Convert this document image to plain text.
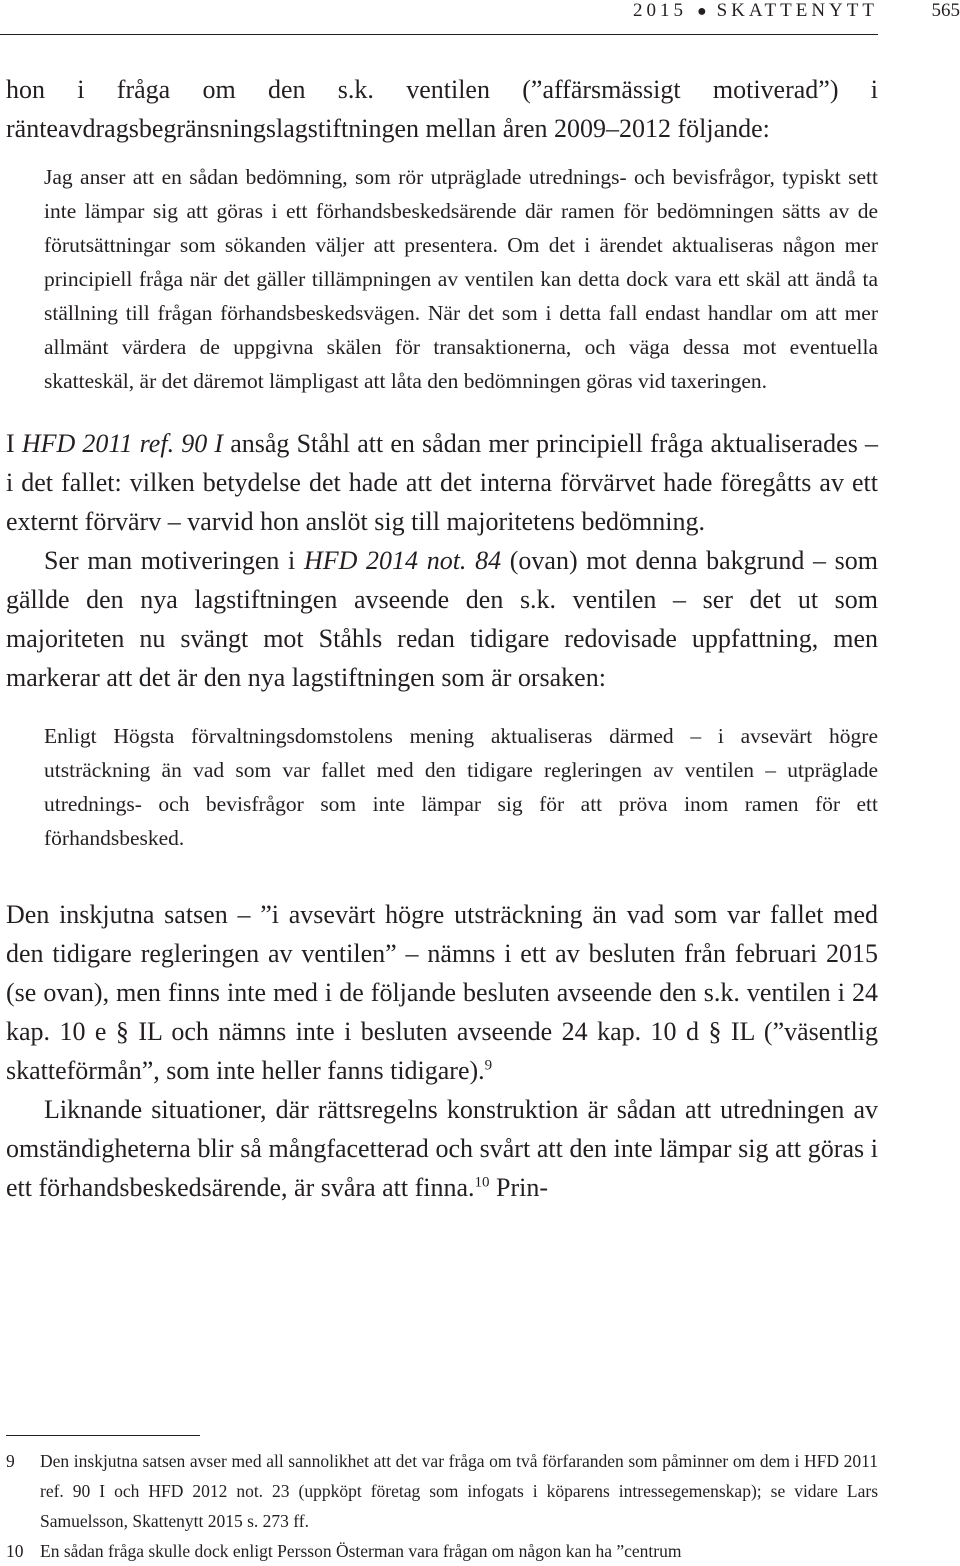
2015 ● SKATTENYTT	565

hon i fråga om den s.k. ventilen (”affärsmässigt motiverad”) i ränteavdragsbegränsningslagstiftningen mellan åren 2009–2012 följande:

Jag anser att en sådan bedömning, som rör utpräglade utrednings- och bevisfrågor, typiskt sett inte lämpar sig att göras i ett förhandsbeskedsärende där ramen för bedömningen sätts av de förutsättningar som sökanden väljer att presentera. Om det i ärendet aktualiseras någon mer principiell fråga när det gäller tillämpningen av ventilen kan detta dock vara ett skäl att ändå ta ställning till frågan förhandsbeskedsvägen. När det som i detta fall endast handlar om att mer allmänt värdera de uppgivna skälen för transaktionerna, och väga dessa mot eventuella skatteskäl, är det däremot lämpligast att låta den bedömningen göras vid taxeringen.

I HFD 2011 ref. 90 I ansåg Ståhl att en sådan mer principiell fråga aktualiserades – i det fallet: vilken betydelse det hade att det interna förvärvet hade föregåtts av ett externt förvärv – varvid hon anslöt sig till majoritetens bedömning.

Ser man motiveringen i HFD 2014 not. 84 (ovan) mot denna bakgrund – som gällde den nya lagstiftningen avseende den s.k. ventilen – ser det ut som majoriteten nu svängt mot Ståhls redan tidigare redovisade uppfattning, men markerar att det är den nya lagstiftningen som är orsaken:

Enligt Högsta förvaltningsdomstolens mening aktualiseras därmed – i avsevärt högre utsträckning än vad som var fallet med den tidigare regleringen av ventilen – utpräglade utrednings- och bevisfrågor som inte lämpar sig för att pröva inom ramen för ett förhandsbesked.

Den inskjutna satsen – ”i avsevärt högre utsträckning än vad som var fallet med den tidigare regleringen av ventilen” – nämns i ett av besluten från februari 2015 (se ovan), men finns inte med i de följande besluten avseende den s.k. ventilen i 24 kap. 10 e § IL och nämns inte i besluten avseende 24 kap. 10 d § IL (”väsentlig skatteförmån”, som inte heller fanns tidigare).$^9$

Liknande situationer, där rättsregelns konstruktion är sådan att utredningen av omständigheterna blir så mångfacetterad och svårt att den inte lämpar sig att göras i ett förhandsbeskedsärende, är svåra att finna.$^{10}$ Prin-

9	Den inskjutna satsen avser med all sannolikhet att det var fråga om två förfaranden som påminner om dem i HFD 2011 ref. 90 I och HFD 2012 not. 23 (uppköpt företag som infogats i köparens intressegemenskap); se vidare Lars Samuelsson, Skattenytt 2015 s. 273 ff.
10 En sådan fråga skulle dock enligt Persson Österman vara frågan om någon kan ha ”centrum
